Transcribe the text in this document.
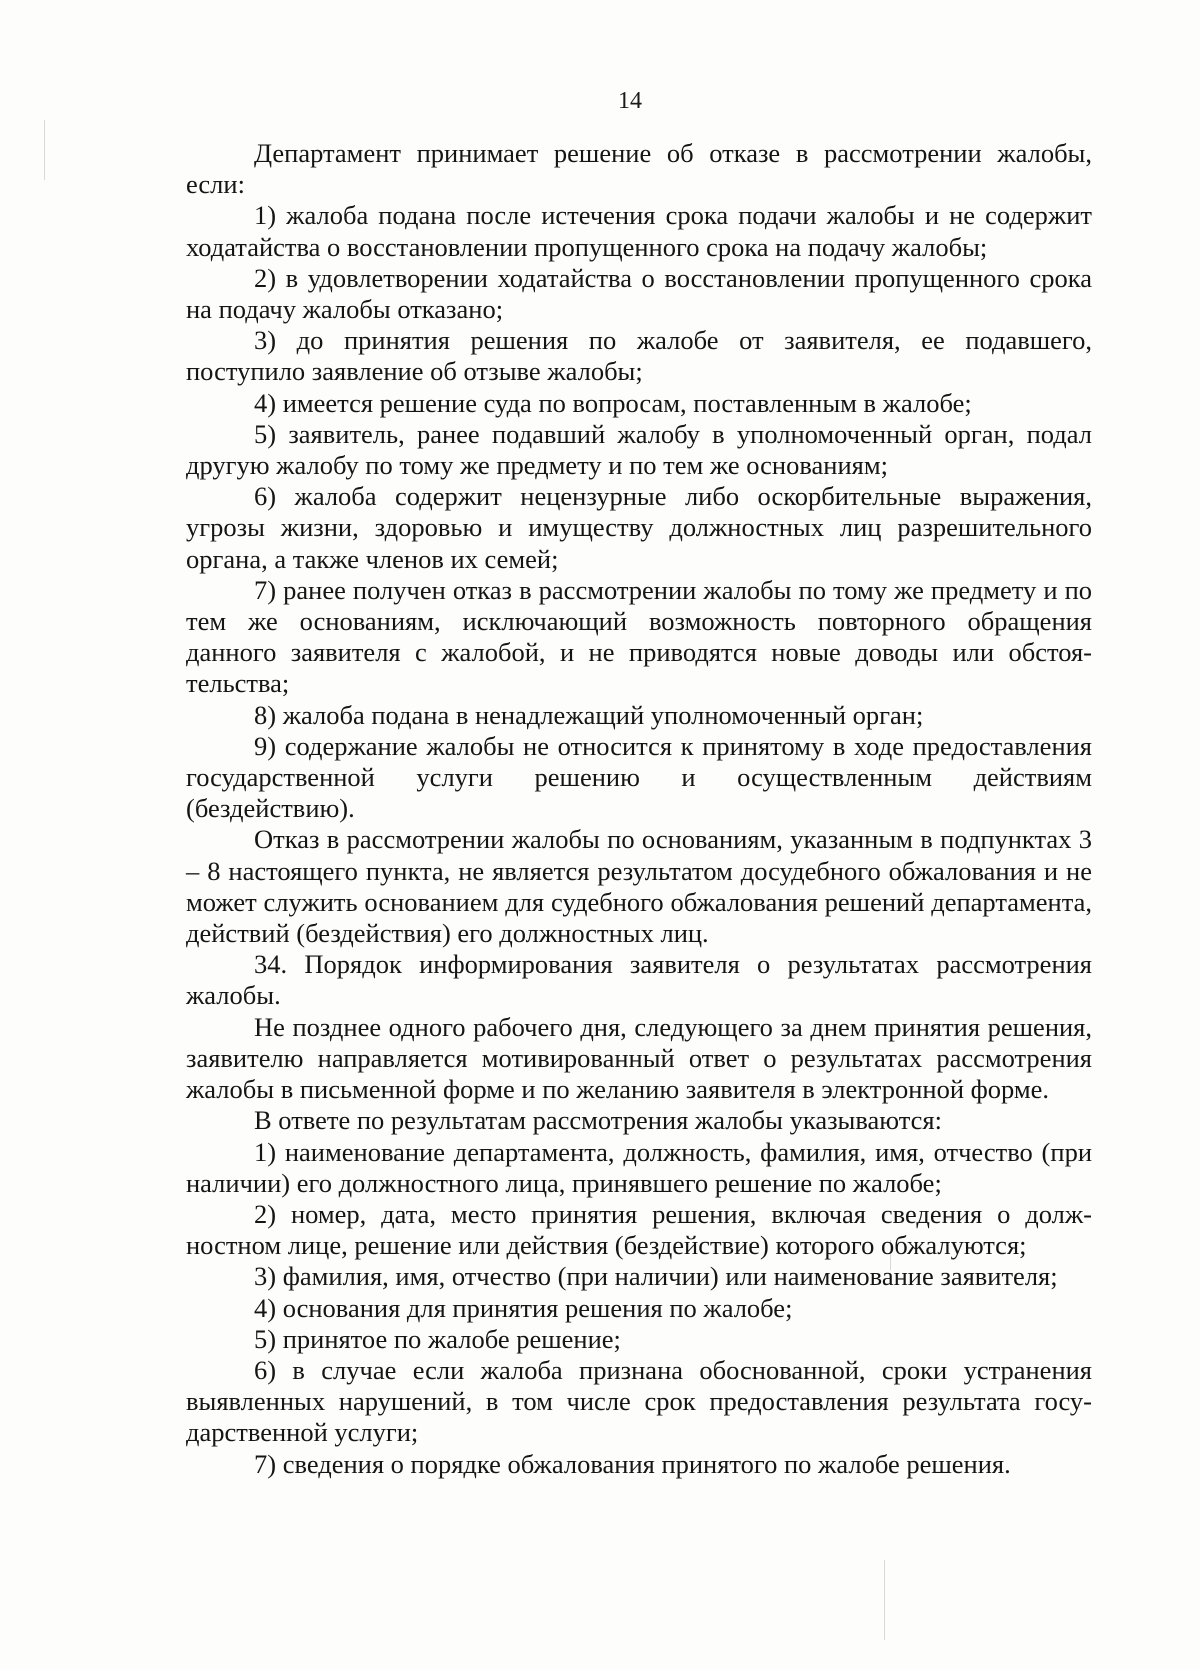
14

Департамент принимает решение об отказе в рассмотрении жалобы, если:

1) жалоба подана после истечения срока подачи жалобы и не содержит ходатайства о восстановлении пропущенного срока на подачу жалобы;

2) в удовлетворении ходатайства о восстановлении пропущенного срока на подачу жалобы отказано;

3) до принятия решения по жалобе от заявителя, ее подавшего, поступило заявление об отзыве жалобы;

4) имеется решение суда по вопросам, поставленным в жалобе;

5) заявитель, ранее подавший жалобу в уполномоченный орган, подал другую жалобу по тому же предмету и по тем же основаниям;

6) жалоба содержит нецензурные либо оскорбительные выражения, угрозы жизни, здоровью и имуществу должностных лиц разрешительного органа, а также членов их семей;

7) ранее получен отказ в рассмотрении жалобы по тому же предмету и по тем же основаниям, исключающий возможность повторного обращения данного заявителя с жалобой, и не приводятся новые доводы или обстоятельства;

8) жалоба подана в ненадлежащий уполномоченный орган;

9) содержание жалобы не относится к принятому в ходе предоставления государственной услуги решению и осуществленным действиям (бездействию).

Отказ в рассмотрении жалобы по основаниям, указанным в подпунктах 3 – 8 настоящего пункта, не является результатом досудебного обжалования и не может служить основанием для судебного обжалования решений департамента, действий (бездействия) его должностных лиц.

34. Порядок информирования заявителя о результатах рассмотрения жалобы.

Не позднее одного рабочего дня, следующего за днем принятия решения, заявителю направляется мотивированный ответ о результатах рассмотрения жалобы в письменной форме и по желанию заявителя в электронной форме.

В ответе по результатам рассмотрения жалобы указываются:

1) наименование департамента, должность, фамилия, имя, отчество (при наличии) его должностного лица, принявшего решение по жалобе;

2) номер, дата, место принятия решения, включая сведения о должностном лице, решение или действия (бездействие) которого обжалуются;

3) фамилия, имя, отчество (при наличии) или наименование заявителя;

4) основания для принятия решения по жалобе;

5) принятое по жалобе решение;

6) в случае если жалоба признана обоснованной, сроки устранения выявленных нарушений, в том числе срок предоставления результата государственной услуги;

7) сведения о порядке обжалования принятого по жалобе решения.
